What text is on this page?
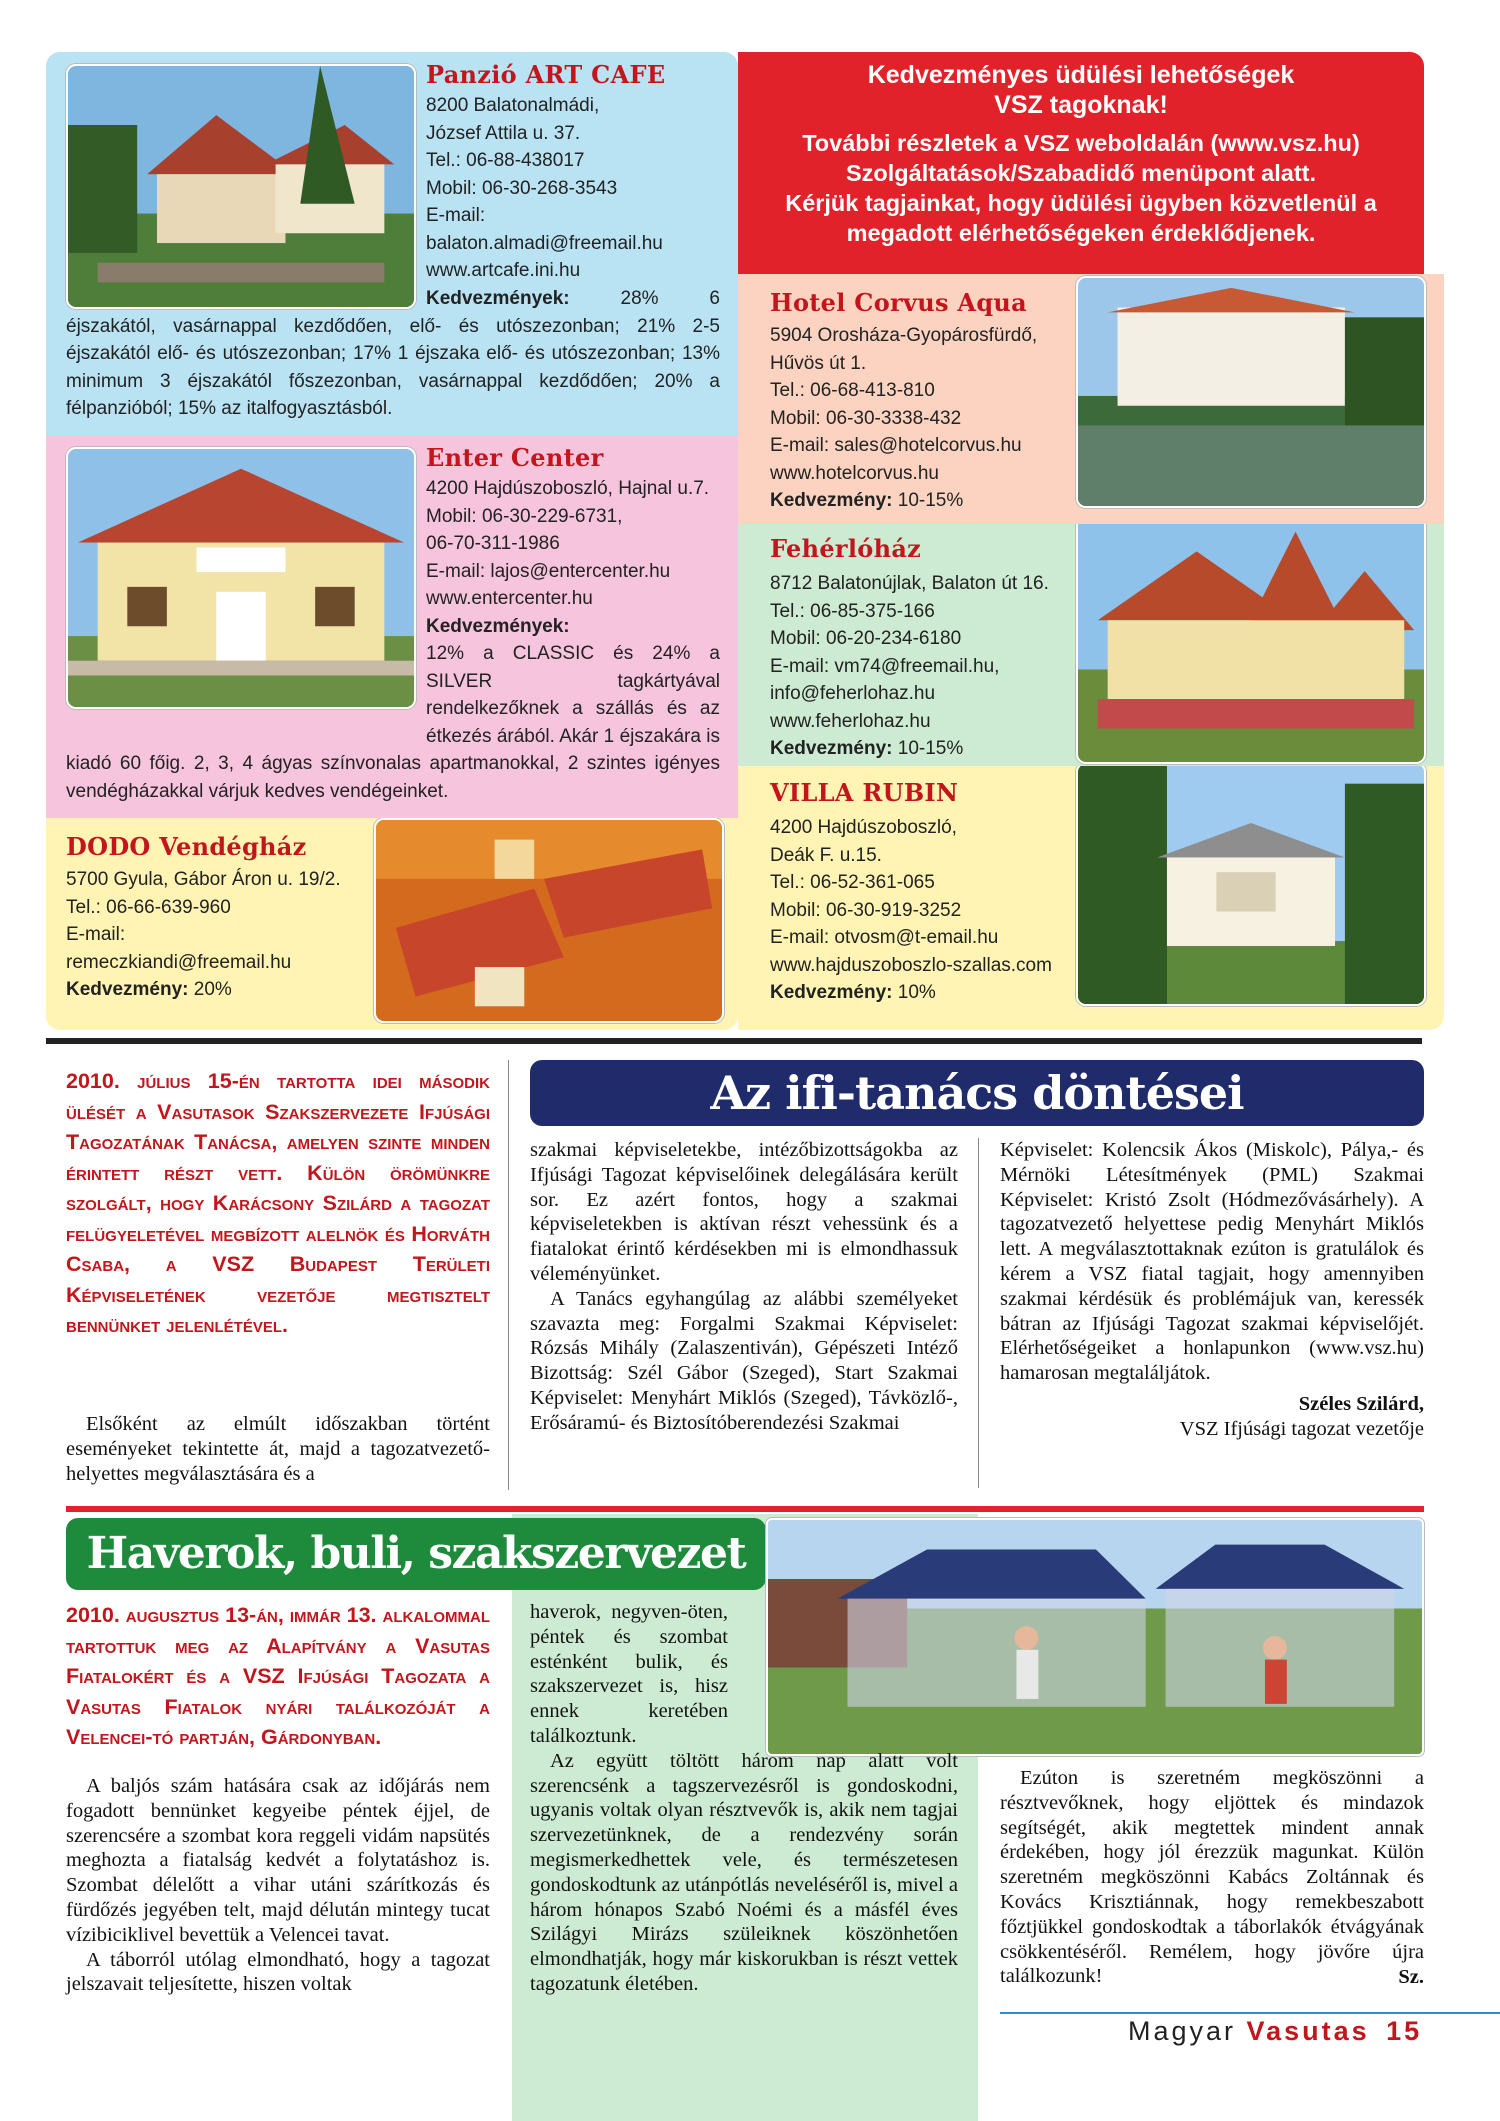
Panzió ART CAFE
8200 Balatonalmádi,
József Attila u. 37.
Tel.: 06-88-438017
Mobil: 06-30-268-3543
E-mail:
balaton.almadi@freemail.hu
www.artcafe.ini.hu
Kedvezmények:	28% 6 éjszakától, vasárnappal kezdődően, elő- és utószezonban; 21% 2-5 éjszakától elő- és utószezonban; 17% 1 éjszaka elő- és utószezonban; 13% minimum 3 éjszakától főszezonban, vasárnappal kezdődően; 20% a félpanzióból; 15% az italfogyasztásból.
Enter Center
4200 Hajdúszoboszló, Hajnal u.7.
Mobil: 06-30-229-6731,
06-70-311-1986
E-mail: lajos@entercenter.hu
www.entercenter.hu
Kedvezmények:
12% a CLASSIC és 24% a SILVER tagkártyával rendelkezőknek a szállás és az étkezés árából. Akár 1 éjszakára is kiadó 60 főig. 2, 3, 4 ágyas színvonalas apartmanokkal, 2 szintes igényes vendégházakkal várjuk kedves vendégeinket.
DODO Vendégház
5700 Gyula, Gábor Áron u. 19/2.
Tel.: 06-66-639-960
E-mail:
remeczkiandi@freemail.hu
Kedvezmény: 20%
Kedvezményes üdülési lehetőségek
VSZ tagoknak!
További részletek a VSZ weboldalán (www.vsz.hu)
Szolgáltatások/Szabadidő menüpont alatt.
Kérjük tagjainkat, hogy üdülési ügyben közvetlenül a
megadott elérhetőségeken érdeklődjenek.
Hotel Corvus Aqua
5904 Orosháza-Gyopárosfürdő,
Hűvös út 1.
Tel.: 06-68-413-810
Mobil: 06-30-3338-432
E-mail: sales@hotelcorvus.hu
www.hotelcorvus.hu
Kedvezmény: 10-15%
Fehérlóház
8712 Balatonújlak, Balaton út 16.
Tel.: 06-85-375-166
Mobil: 06-20-234-6180
E-mail: vm74@freemail.hu,
info@feherlohaz.hu
www.feherlohaz.hu
Kedvezmény: 10-15%
VILLA RUBIN
4200 Hajdúszoboszló,
Deák F. u.15.
Tel.: 06-52-361-065
Mobil: 06-30-919-3252
E-mail: otvosm@t-email.hu
www.hajduszoboszlo-szallas.com
Kedvezmény: 10%
Az ifi-tanács döntései
2010. július 15-én tartotta idei második ülését a Vasutasok Szakszervezete Ifjúsági Tagozatának Tanácsa, amelyen szinte minden érintett részt vett. Külön örömünkre szolgált, hogy Karácsony Szilárd a tagozat felügyeletével megbízott alelnök és Horváth Csaba, a VSZ Budapest Területi Képviseletének vezetője megtisztelt bennünket jelenlétével.

Elsőként az elmúlt időszakban történt eseményeket tekintette át, majd a tagozatvezető-helyettes megválasztására és a

szakmai képviseletekbe, intézőbizottságokba az Ifjúsági Tagozat képviselőinek delegálására került sor. Ez azért fontos, hogy a szakmai képviseletekben is aktívan részt vehessünk és a fiatalokat érintő kérdésekben mi is elmondhassuk véleményünket.

A Tanács egyhangúlag az alábbi személyeket szavazta meg: Forgalmi Szakmai Képviselet: Rózsás Mihály (Zalaszentiván), Gépészeti Intéző Bizottság: Szél Gábor (Szeged), Start Szakmai Képviselet: Menyhárt Miklós (Szeged), Távközlő-, Erősáramú- és Biztosítóberendezési Szakmai

Képviselet: Kolencsik Ákos (Miskolc), Pálya,- és Mérnöki Létesítmények (PML) Szakmai Képviselet: Kristó Zsolt (Hódmezővásárhely). A tagozatvezető helyettese pedig Menyhárt Miklós lett. A megválasztottaknak ezúton is gratulálok és kérem a VSZ fiatal tagjait, hogy amennyiben szakmai kérdésük és problémájuk van, keressék bátran az Ifjúsági Tagozat szakmai képviselőjét. Elérhetőségeiket a honlapunkon (www.vsz.hu) hamarosan megtaláljátok.

Széles Szilárd,
VSZ Ifjúsági tagozat vezetője
Haverok, buli, szakszervezet
2010. augusztus 13-án, immár 13. alkalommal tartottuk meg az Alapítvány a Vasutas Fiatalokért és a VSZ Ifjúsági Tagozata a Vasutas Fiatalok nyári találkozóját a Velencei-tó partján, Gárdonyban.

A baljós szám hatására csak az időjárás nem fogadott bennünket kegyeibe péntek éjjel, de szerencsére a szombat kora reggeli vidám napsütés meghozta a fiatalság kedvét a folytatáshoz is. Szombat délelőtt a vihar utáni szárítkozás és fürdőzés jegyében telt, majd délután mintegy tucat vízibiciklivel bevettük a Velencei tavat.

A táborról utólag elmondható, hogy a tagozat jelszavait teljesítette, hiszen voltak

haverok, negyven-öten, péntek és szombat esténként bulik, és szakszervezet is, hisz ennek keretében találkoztunk.

Az együtt töltött három nap alatt volt szerencsénk a tagszervezésről is gondoskodni, ugyanis voltak olyan résztvevők is, akik nem tagjai szervezetünknek, de a rendezvény során megismerkedhettek vele, és természetesen gondoskodtunk az utánpótlás neveléséről is, mivel a három hónapos Szabó Noémi és a másfél éves Szilágyi Mirázs szüleiknek köszönhetően elmondhatják, hogy már kiskorukban is részt vettek tagozatunk életében.

Ezúton is szeretném megköszönni a résztvevőknek, hogy eljöttek és mindazok segítségét, akik megtettek mindent annak érdekében, hogy jól érezzük magunkat. Külön szeretném megköszönni Kabács Zoltánnak és Kovács Krisztiánnak, hogy remekbeszabott főztjükkel gondoskodtak a táborlakók étvágyának csökkentéséről. Remélem, hogy jövőre újra találkozunk!	Sz.
Magyar Vasutas 15
